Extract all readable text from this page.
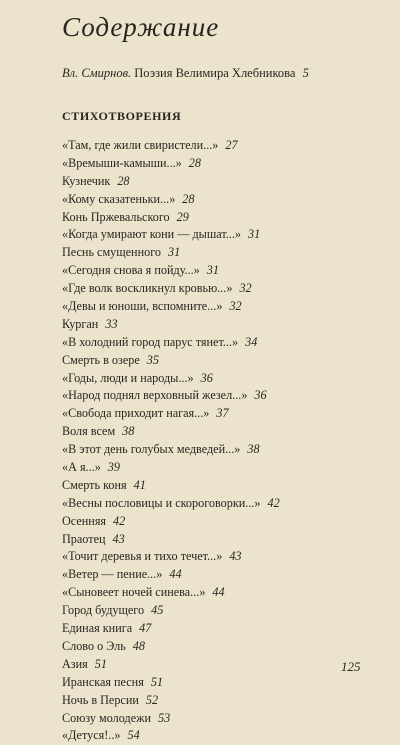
Содержание
Вл. Смирнов. Поэзия Велимира Хлебникова 5
СТИХОТВОРЕНИЯ
«Там, где жили свиристели...» 27
«Времыши-камыши...» 28
Кузнечик 28
«Кому сказатеньки...» 28
Конь Пржевальского 29
«Когда умирают кони — дышат...» 31
Песнь смущенного 31
«Сегодня снова я пойду...» 31
«Где волк воскликнул кровью...» 32
«Девы и юноши, вспомните...» 32
Курган 33
«В холодний город парус тянет...» 34
Смерть в озере 35
«Годы, люди и народы...» 36
«Народ поднял верховный жезел...» 36
«Свобода приходит нагая...» 37
Воля всем 38
«В этот день голубых медведей...» 38
«А я...» 39
Смерть коня 41
«Весны пословицы и скороговорки...» 42
Осенняя 42
Праотец 43
«Точит деревья и тихо течет...» 43
«Ветер — пение...» 44
«Сыновеет ночей синева...» 44
Город будущего 45
Единая книга 47
Слово о Эль 48
Азия 51
Иранская песня 51
Ночь в Персии 52
Союзу молодежи 53
«Детуся!..» 54
125
